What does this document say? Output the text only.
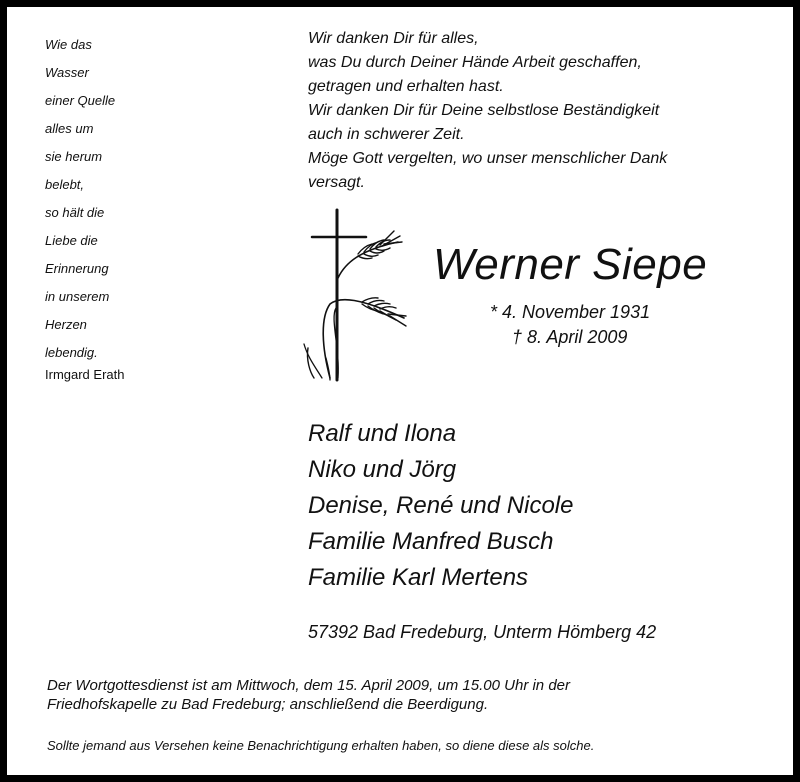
Wie das
Wasser
einer Quelle
alles um
sie herum
belebt,
so hält die
Liebe die
Erinnerung
in unserem
Herzen
lebendig.
Irmgard Erath
Wir danken Dir für alles,
was Du durch Deiner Hände Arbeit geschaffen,
getragen und erhalten hast.
Wir danken Dir für Deine selbstlose Beständigkeit
auch in schwerer Zeit.
Möge Gott vergelten, wo unser menschlicher Dank
versagt.
Werner Siepe
* 4. November 1931
† 8. April 2009
Ralf und Ilona
Niko und Jörg
Denise, René und Nicole
Familie Manfred Busch
Familie Karl Mertens
57392 Bad Fredeburg, Unterm Hömberg 42
Der Wortgottesdienst ist am Mittwoch, dem 15. April 2009, um 15.00 Uhr in der
Friedhofskapelle zu Bad Fredeburg; anschließend die Beerdigung.
Sollte jemand aus Versehen keine Benachrichtigung erhalten haben, so diene diese als solche.
